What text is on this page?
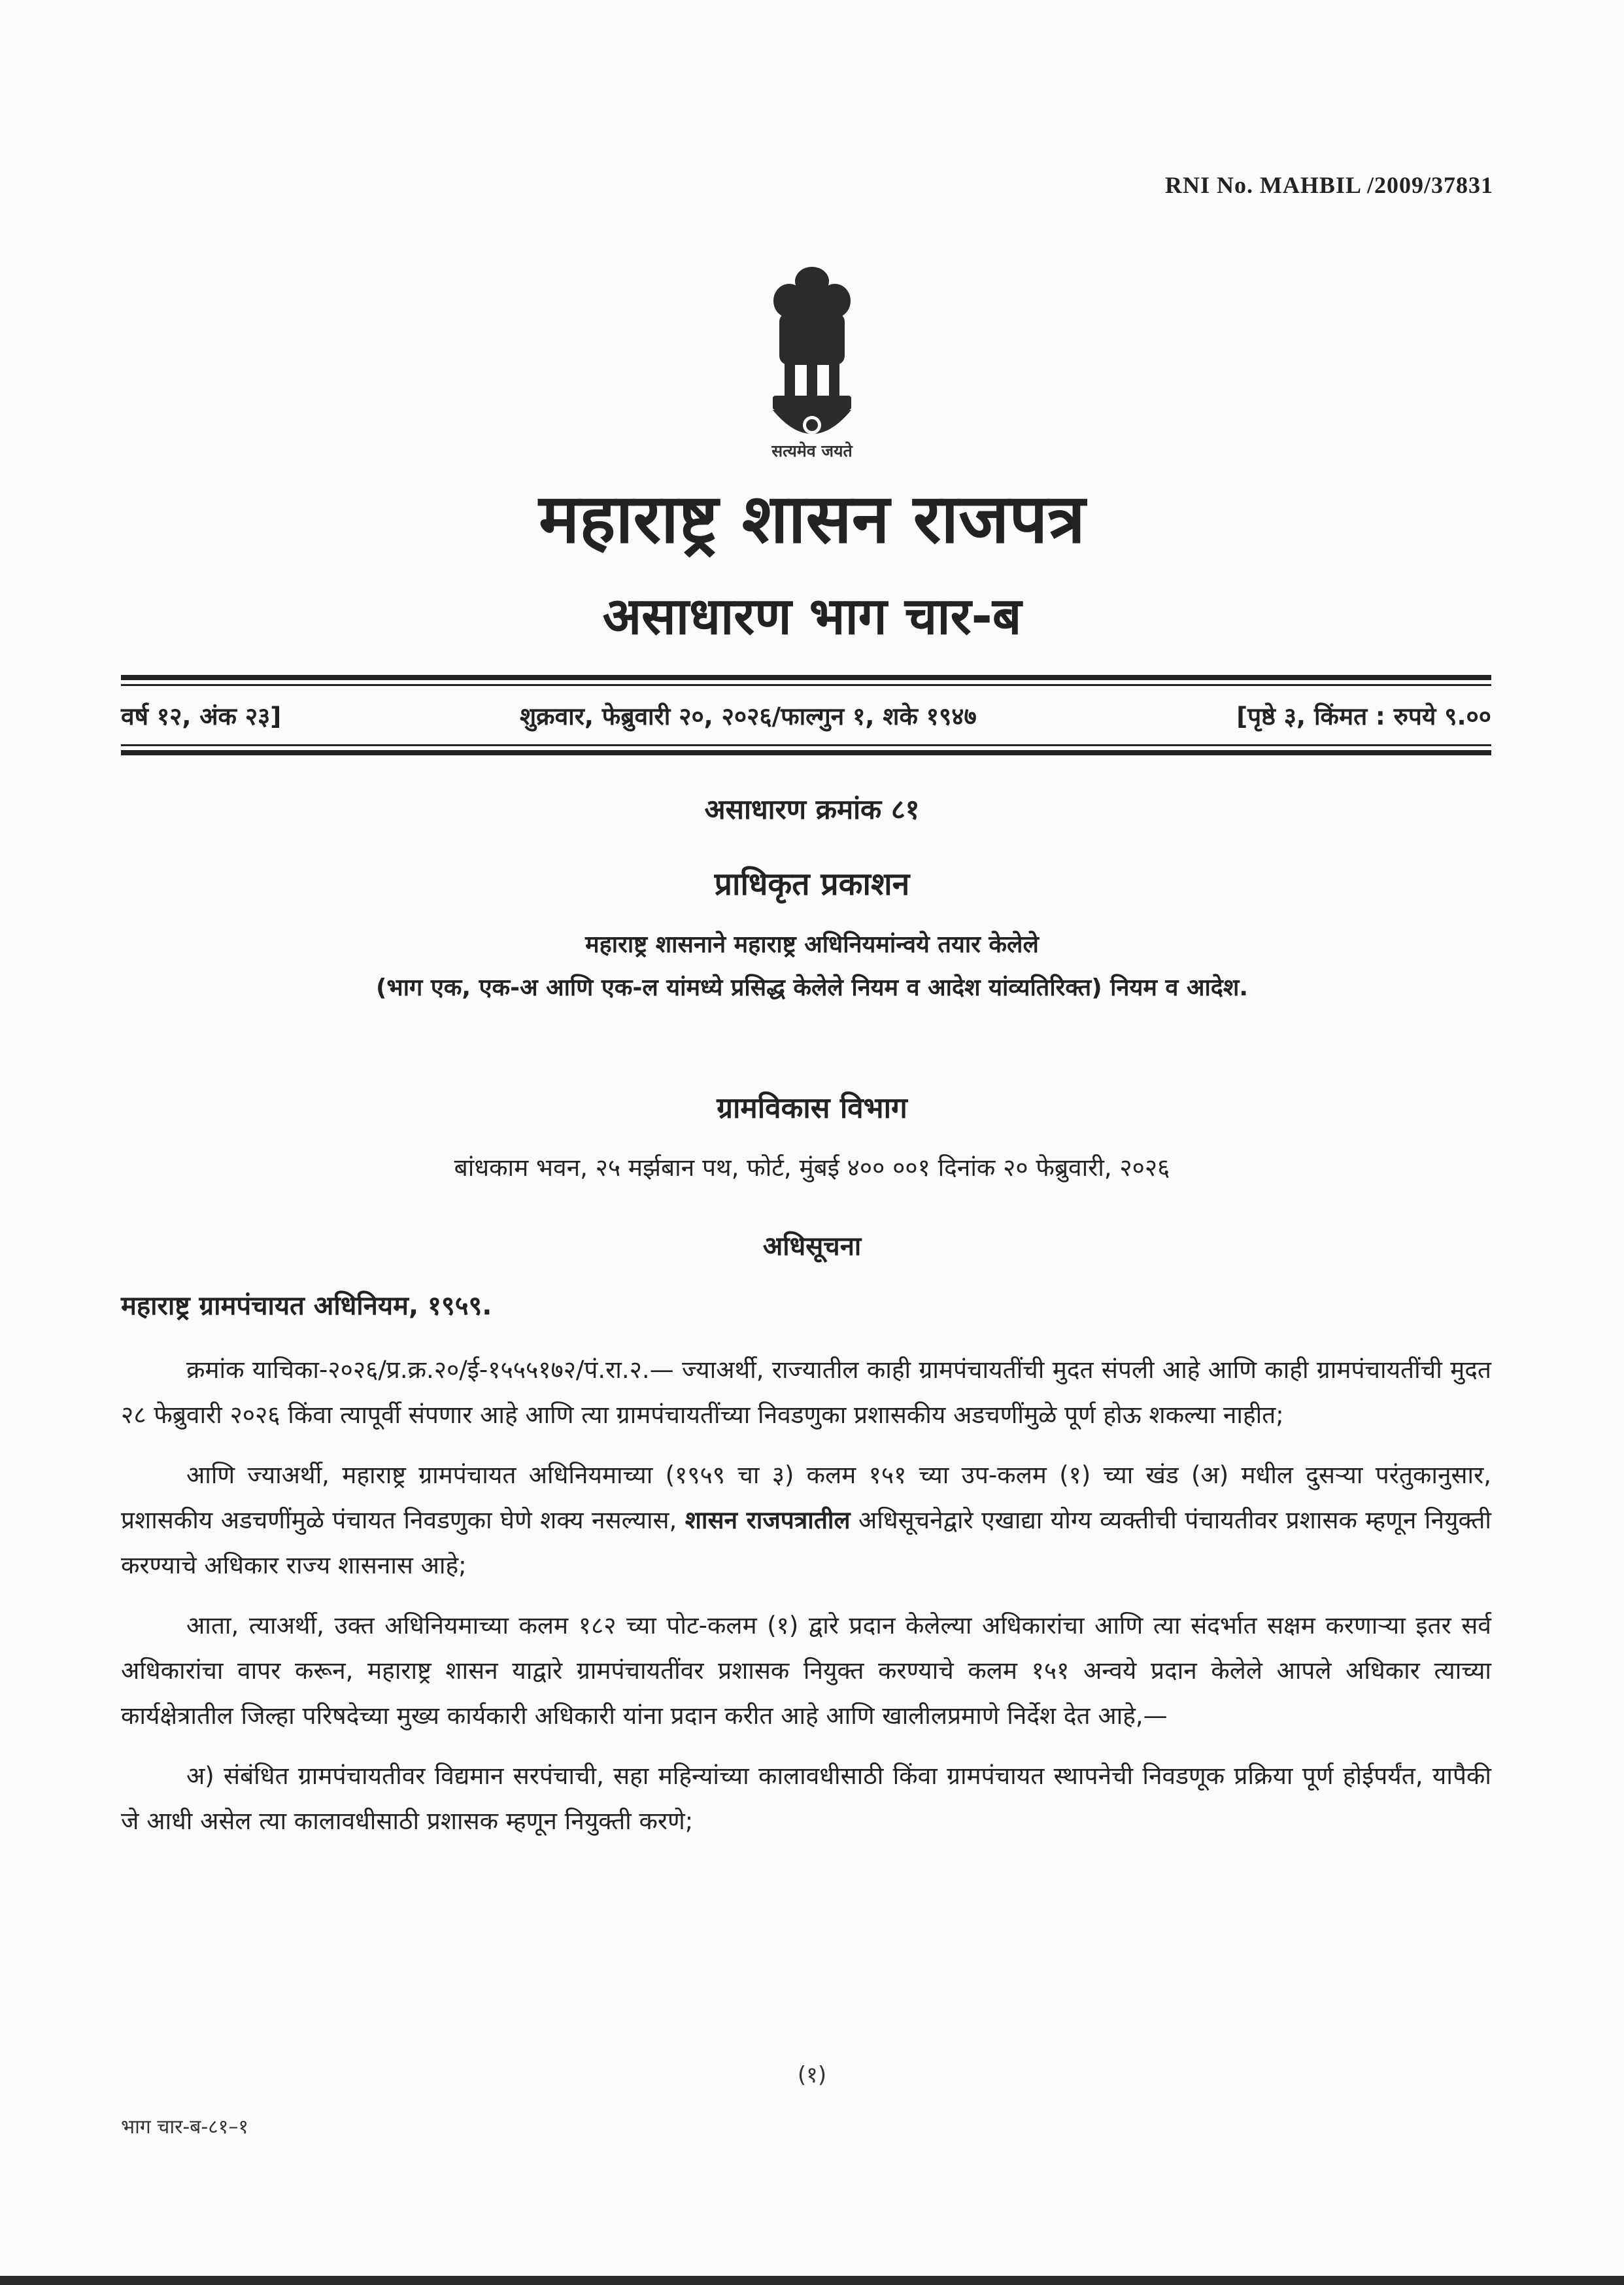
RNI No. MAHBIL /2009/37831
सत्यमेव जयते
महाराष्ट्र शासन राजपत्र
असाधारण भाग चार-ब
वर्ष १२, अंक २३]	शुक्रवार, फेब्रुवारी २०, २०२६/फाल्गुन १, शके १९४७	[पृष्ठे ३, किंमत : रुपये ९.००
असाधारण क्रमांक ८१
प्राधिकृत प्रकाशन
महाराष्ट्र शासनाने महाराष्ट्र अधिनियमांन्वये तयार केलेले
(भाग एक, एक-अ आणि एक-ल यांमध्ये प्रसिद्ध केलेले नियम व आदेश यांव्यतिरिक्त) नियम व आदेश.
ग्रामविकास विभाग
बांधकाम भवन, २५ मर्झबान पथ, फोर्ट, मुंबई ४०० ००१ दिनांक २० फेब्रुवारी, २०२६
अधिसूचना
महाराष्ट्र ग्रामपंचायत अधिनियम, १९५९.

क्रमांक याचिका-२०२६/प्र.क्र.२०/ई-१५५५१७२/पं.रा.२.— ज्याअर्थी, राज्यातील काही ग्रामपंचायतींची मुदत संपली आहे आणि काही ग्रामपंचायतींची मुदत २८ फेब्रुवारी २०२६ किंवा त्यापूर्वी संपणार आहे आणि त्या ग्रामपंचायतींच्या निवडणुका प्रशासकीय अडचणींमुळे पूर्ण होऊ शकल्या नाहीत;

आणि ज्याअर्थी, महाराष्ट्र ग्रामपंचायत अधिनियमाच्या (१९५९ चा ३) कलम १५१ च्या उप-कलम (१) च्या खंड (अ) मधील दुसऱ्या परंतुकानुसार, प्रशासकीय अडचणींमुळे पंचायत निवडणुका घेणे शक्य नसल्यास, शासन राजपत्रातील अधिसूचनेद्वारे एखाद्या योग्य व्यक्तीची पंचायतीवर प्रशासक म्हणून नियुक्ती करण्याचे अधिकार राज्य शासनास आहे;

आता, त्याअर्थी, उक्त अधिनियमाच्या कलम १८२ च्या पोट-कलम (१) द्वारे प्रदान केलेल्या अधिकारांचा आणि त्या संदर्भात सक्षम करणाऱ्या इतर सर्व अधिकारांचा वापर करून, महाराष्ट्र शासन याद्वारे ग्रामपंचायतींवर प्रशासक नियुक्त करण्याचे कलम १५१ अन्वये प्रदान केलेले आपले अधिकार त्याच्या कार्यक्षेत्रातील जिल्हा परिषदेच्या मुख्य कार्यकारी अधिकारी यांना प्रदान करीत आहे आणि खालीलप्रमाणे निर्देश देत आहे,—

अ) संबंधित ग्रामपंचायतीवर विद्यमान सरपंचाची, सहा महिन्यांच्या कालावधीसाठी किंवा ग्रामपंचायत स्थापनेची निवडणूक प्रक्रिया पूर्ण होईपर्यंत, यापैकी जे आधी असेल त्या कालावधीसाठी प्रशासक म्हणून नियुक्ती करणे;

(१)
भाग चार-ब-८१–१
